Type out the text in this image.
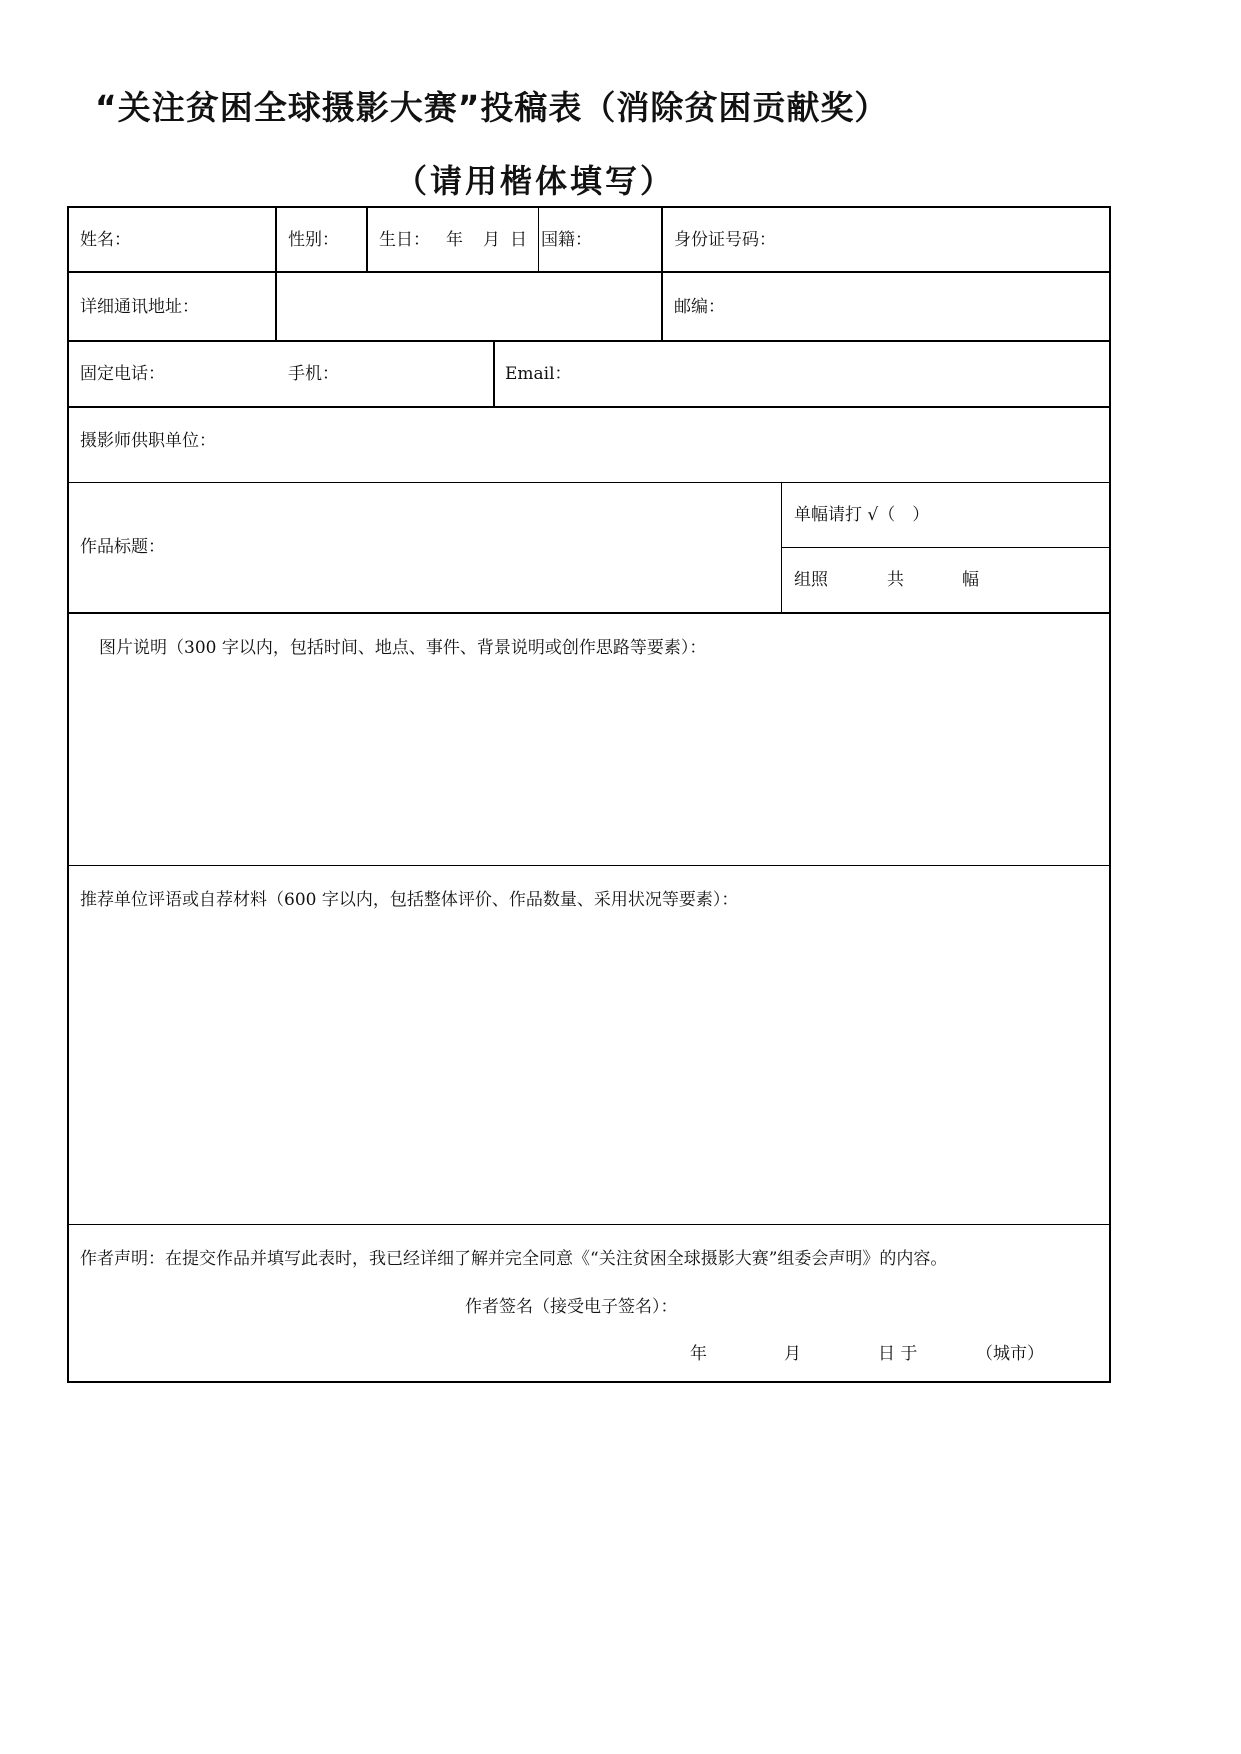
“关注贫困全球摄影大赛”投稿表（消除贫困贡献奖）
（请用楷体填写）
姓名：	性别： 生日： 年 月 日 国籍：	身份证号码：
详细通讯地址：	邮编：
固定电话：	手机：	Email：
摄影师供职单位：
作品标题：
单幅请打 √（　）
组照	共	幅
图片说明（300 字以内，包括时间、地点、事件、背景说明或创作思路等要素）：
推荐单位评语或自荐材料（600 字以内，包括整体评价、作品数量、采用状况等要素）：
作者声明：在提交作品并填写此表时，我已经详细了解并完全同意《“关注贫困全球摄影大赛”组委会声明》的内容。
作者签名（接受电子签名）：
年	月	日 于	（城市）
